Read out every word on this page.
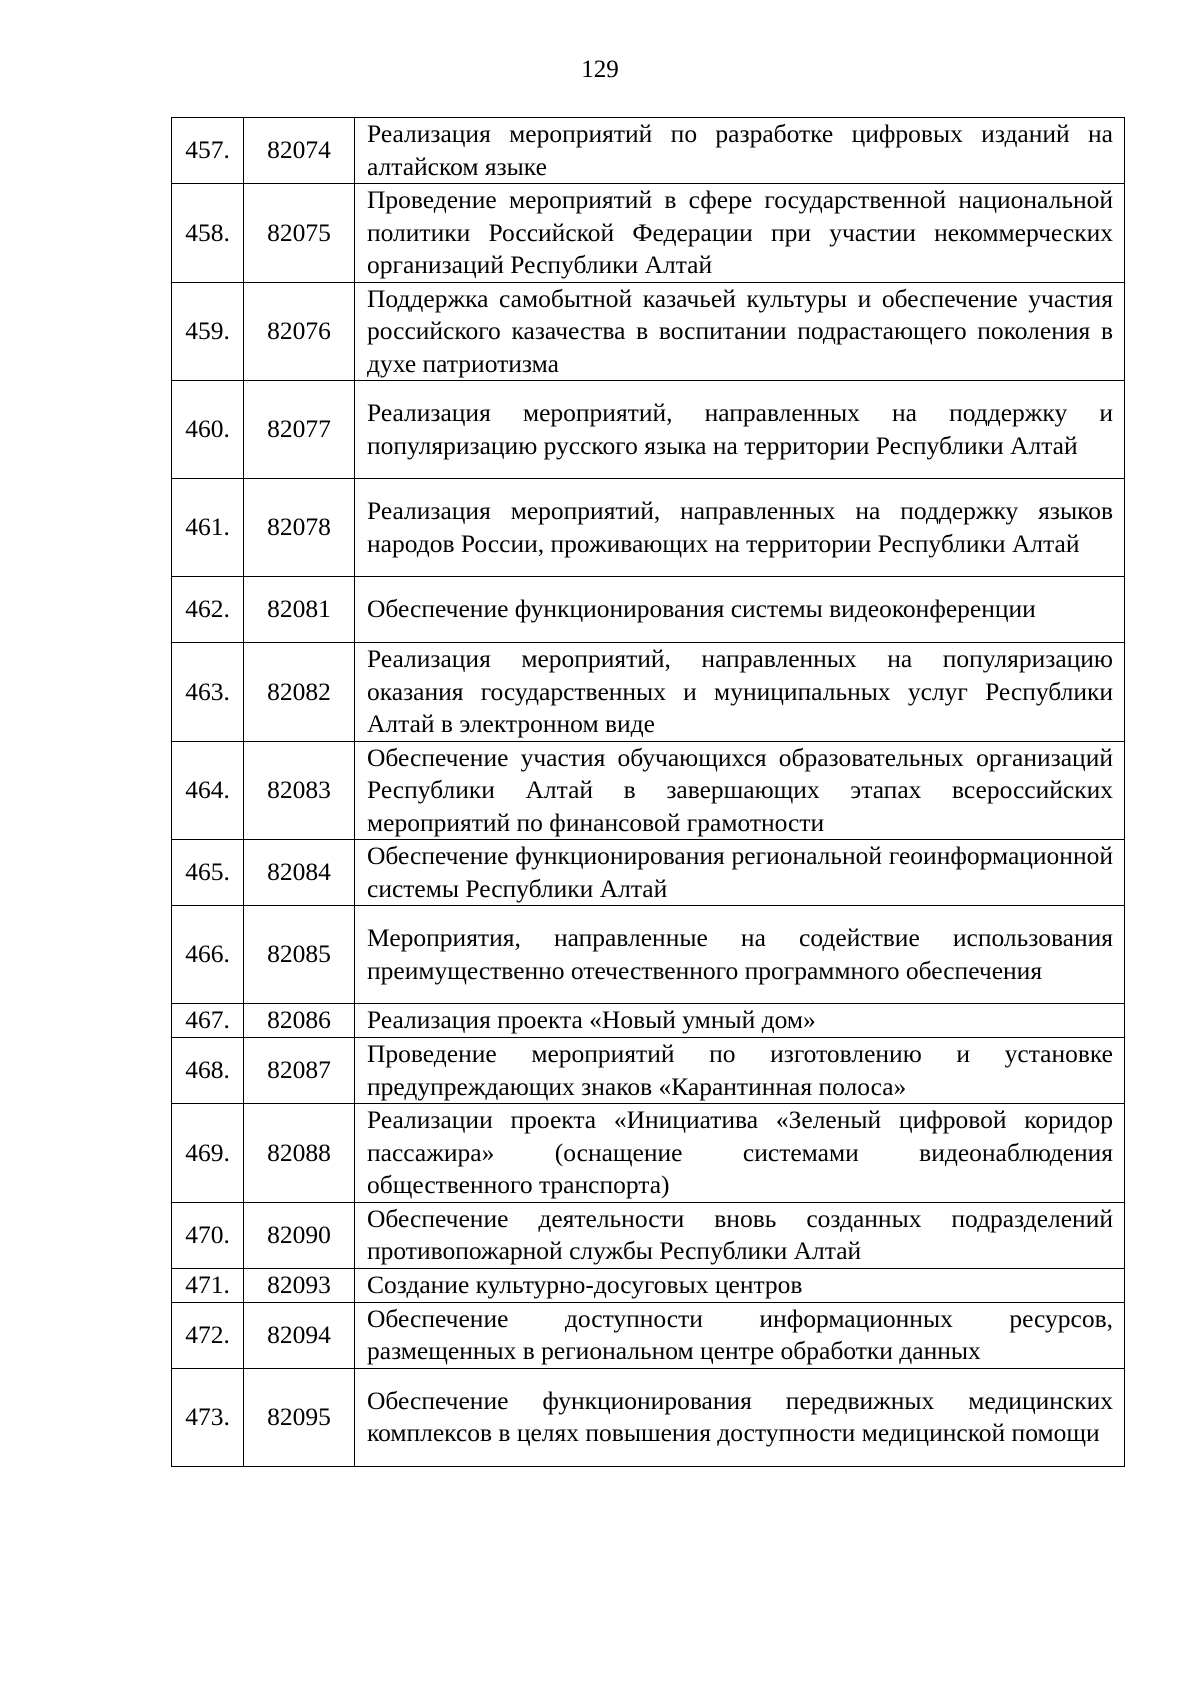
129
457.	82074	Реализация мероприятий по разработке цифровых изданий на алтайском языке
458.	82075	Проведение мероприятий в сфере государственной национальной политики Российской Федерации при участии некоммерческих организаций Республики Алтай
459.	82076	Поддержка самобытной казачьей культуры и обеспечение участия российского казачества в воспитании подрастающего поколения в духе патриотизма
460.	82077	Реализация мероприятий, направленных на поддержку и популяризацию русского языка на территории Республики Алтай
461.	82078	Реализация мероприятий, направленных на поддержку языков народов России, проживающих на территории Республики Алтай
462.	82081	Обеспечение функционирования системы видеоконференции
463.	82082	Реализация мероприятий, направленных на популяризацию оказания государственных и муниципальных услуг Республики Алтай в электронном виде
464.	82083	Обеспечение участия обучающихся образовательных организаций Республики Алтай в завершающих этапах всероссийских мероприятий по финансовой грамотности
465.	82084	Обеспечение функционирования региональной геоинформационной системы Республики Алтай
466.	82085	Мероприятия, направленные на содействие использования преимущественно отечественного программного обеспечения
467.	82086	Реализация проекта «Новый умный дом»
468.	82087	Проведение мероприятий по изготовлению и установке предупреждающих знаков «Карантинная полоса»
469.	82088	Реализации проекта «Инициатива «Зеленый цифровой коридор пассажира» (оснащение системами видеонаблюдения общественного транспорта)
470.	82090	Обеспечение деятельности вновь созданных подразделений противопожарной службы Республики Алтай
471.	82093	Создание культурно-досуговых центров
472.	82094	Обеспечение доступности информационных ресурсов, размещенных в региональном центре обработки данных
473.	82095	Обеспечение функционирования передвижных медицинских комплексов в целях повышения доступности медицинской помощи
